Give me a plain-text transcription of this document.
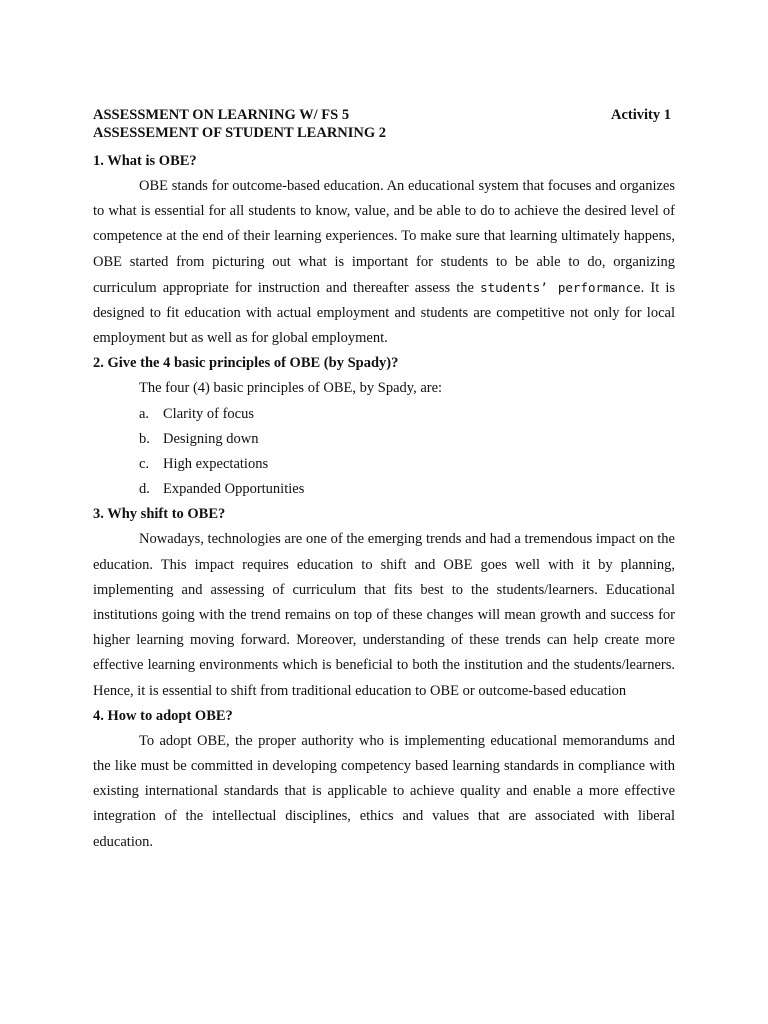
ASSESSMENT ON LEARNING W/ FS 5	Activity 1
ASSESSEMENT OF STUDENT LEARNING 2

1. What is OBE?

OBE stands for outcome-based education. An educational system that focuses and organizes to what is essential for all students to know, value, and be able to do to achieve the desired level of competence at the end of their learning experiences. To make sure that learning ultimately happens, OBE started from picturing out what is important for students to be able to do, organizing curriculum appropriate for instruction and thereafter assess the students’ performance. It is designed to fit education with actual employment and students are competitive not only for local employment but as well as for global employment.

2. Give the 4 basic principles of OBE (by Spady)?

The four (4) basic principles of OBE, by Spady, are:

a. Clarity of focus
b. Designing down
c. High expectations
d. Expanded Opportunities

3. Why shift to OBE?

Nowadays, technologies are one of the emerging trends and had a tremendous impact on the education. This impact requires education to shift and OBE goes well with it by planning, implementing and assessing of curriculum that fits best to the students/learners. Educational institutions going with the trend remains on top of these changes will mean growth and success for higher learning moving forward. Moreover, understanding of these trends can help create more effective learning environments which is beneficial to both the institution and the students/learners. Hence, it is essential to shift from traditional education to OBE or outcome-based education

4. How to adopt OBE?

To adopt OBE, the proper authority who is implementing educational memorandums and the like must be committed in developing competency based learning standards in compliance with existing international standards that is applicable to achieve quality and enable a more effective integration of the intellectual disciplines, ethics and values that are associated with liberal education.
